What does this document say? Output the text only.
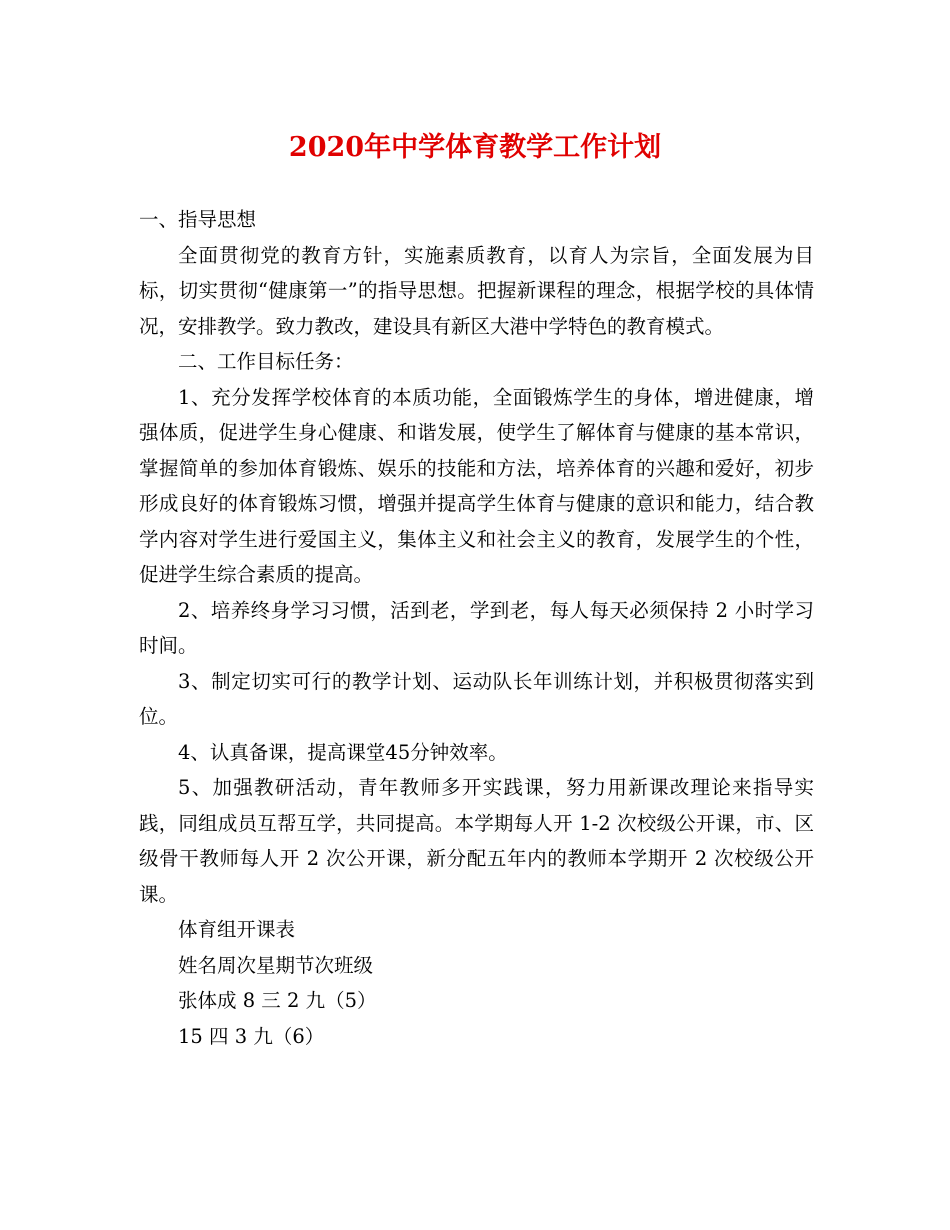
2020年中学体育教学工作计划

一、指导思想

全面贯彻党的教育方针，实施素质教育，以育人为宗旨，全面发展为目标，切实贯彻“健康第一”的指导思想。把握新课程的理念，根据学校的具体情况，安排教学。致力教改，建设具有新区大港中学特色的教育模式。

二、工作目标任务：

1、充分发挥学校体育的本质功能，全面锻炼学生的身体，增进健康，增强体质，促进学生身心健康、和谐发展，使学生了解体育与健康的基本常识，掌握简单的参加体育锻炼、娱乐的技能和方法，培养体育的兴趣和爱好，初步形成良好的体育锻炼习惯，增强并提高学生体育与健康的意识和能力，结合教学内容对学生进行爱国主义，集体主义和社会主义的教育，发展学生的个性，促进学生综合素质的提高。

2、培养终身学习习惯，活到老，学到老，每人每天必须保持 2 小时学习时间。

3、制定切实可行的教学计划、运动队长年训练计划，并积极贯彻落实到位。

4、认真备课，提高课堂45分钟效率。

5、加强教研活动，青年教师多开实践课，努力用新课改理论来指导实践，同组成员互帮互学，共同提高。本学期每人开 1-2 次校级公开课，市、区级骨干教师每人开 2 次公开课，新分配五年内的教师本学期开 2 次校级公开课。

体育组开课表

姓名周次星期节次班级

张体成 8 三 2 九（5）

15 四 3 九（6）
